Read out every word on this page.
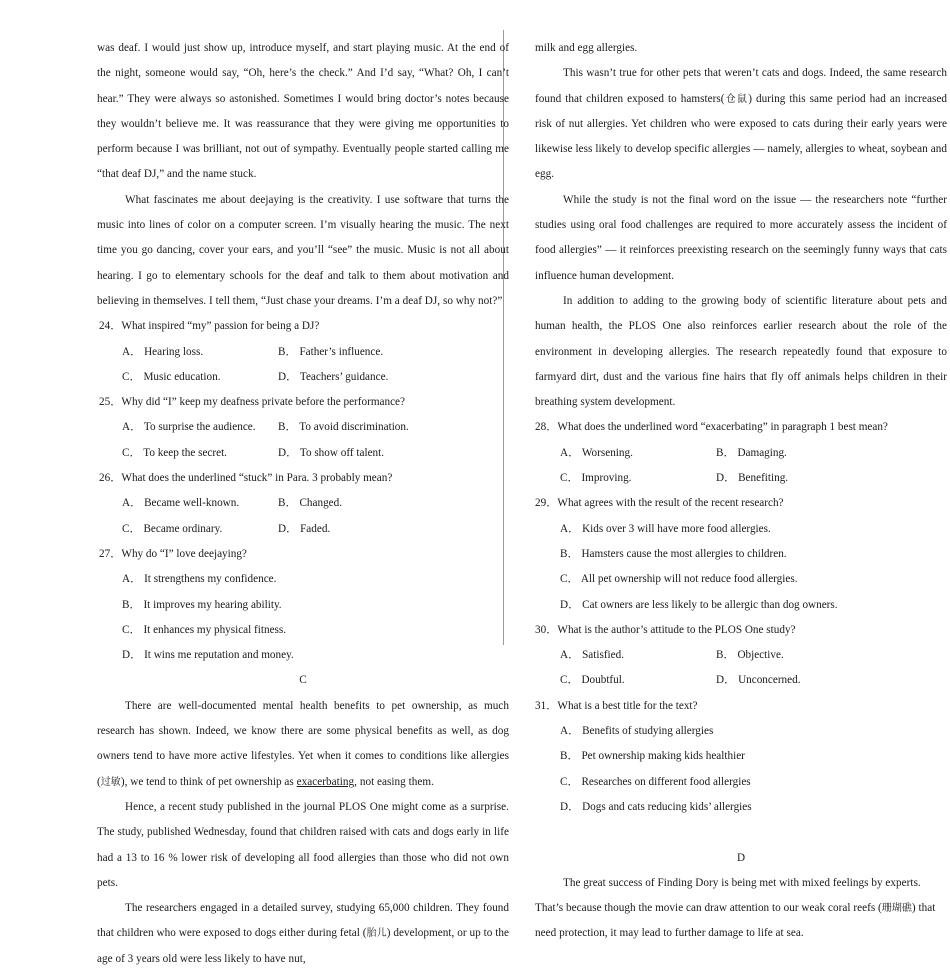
was deaf. I would just show up, introduce myself, and start playing music. At the end of the night, someone would say, “Oh, here’s the check.” And I’d say, “What? Oh, I can’t hear.” They were always so astonished. Sometimes I would bring doctor’s notes because they wouldn’t believe me. It was reassurance that they were giving me opportunities to perform because I was brilliant, not out of sympathy. Eventually people started calling me “that deaf DJ,” and the name stuck.

What fascinates me about deejaying is the creativity. I use software that turns the music into lines of color on a computer screen. I’m visually hearing the music. The next time you go dancing, cover your ears, and you’ll “see” the music. Music is not all about hearing. I go to elementary schools for the deaf and talk to them about motivation and believing in themselves. I tell them, “Just chase your dreams. I’m a deaf DJ, so why not?”

24．What inspired “my” passion for being a DJ?
A． Hearing loss.	B． Father’s influence.
C． Music education.	D． Teachers’ guidance.
25．Why did “I” keep my deafness private before the performance?
A． To surprise the audience.	B． To avoid discrimination.
C． To keep the secret.	D． To show off talent.
26．What does the underlined “stuck” in Para. 3 probably mean?
A． Became well-known.	B． Changed.
C． Became ordinary.	D． Faded.
27．Why do “I” love deejaying?
A． It strengthens my confidence.
B． It improves my hearing ability.
C． It enhances my physical fitness.
D． It wins me reputation and money.
C

There are well-documented mental health benefits to pet ownership, as much research has shown. Indeed, we know there are some physical benefits as well, as dog owners tend to have more active lifestyles. Yet when it comes to conditions like allergies (过敏), we tend to think of pet ownership as exacerbating, not easing them.

Hence, a recent study published in the journal PLOS One might come as a surprise. The study, published Wednesday, found that children raised with cats and dogs early in life had a 13 to 16 % lower risk of developing all food allergies than those who did not own pets.

The researchers engaged in a detailed survey, studying 65,000 children. They found that children who were exposed to dogs either during fetal (胎儿) development, or up to the age of 3 years old were less likely to have nut,

milk and egg allergies.

This wasn’t true for other pets that weren’t cats and dogs. Indeed, the same research found that children exposed to hamsters(仓鼠) during this same period had an increased risk of nut allergies. Yet children who were exposed to cats during their early years were likewise less likely to develop specific allergies — namely, allergies to wheat, soybean and egg.

While the study is not the final word on the issue — the researchers note “further studies using oral food challenges are required to more accurately assess the incident of food allergies” — it reinforces preexisting research on the seemingly funny ways that cats influence human development.

In addition to adding to the growing body of scientific literature about pets and human health, the PLOS One also reinforces earlier research about the role of the environment in developing allergies. The research repeatedly found that exposure to farmyard dirt, dust and the various fine hairs that fly off animals helps children in their breathing system development.

28．What does the underlined word “exacerbating” in paragraph 1 best mean?
A． Worsening.	B． Damaging.
C． Improving.	D． Benefiting.
29．What agrees with the result of the recent research?
A． Kids over 3 will have more food allergies.
B． Hamsters cause the most allergies to children.
C． All pet ownership will not reduce food allergies.
D． Cat owners are less likely to be allergic than dog owners.
30．What is the author’s attitude to the PLOS One study?
A． Satisfied.	B． Objective.
C． Doubtful.	D． Unconcerned.
31．What is a best title for the text?
A． Benefits of studying allergies
B． Pet ownership making kids healthier
C． Researches on different food allergies
D． Dogs and cats reducing kids’ allergies
D

The great success of Finding Dory is being met with mixed feelings by experts. That’s because though the movie can draw attention to our weak coral reefs (珊瑚礁) that need protection, it may lead to further damage to life at sea.
